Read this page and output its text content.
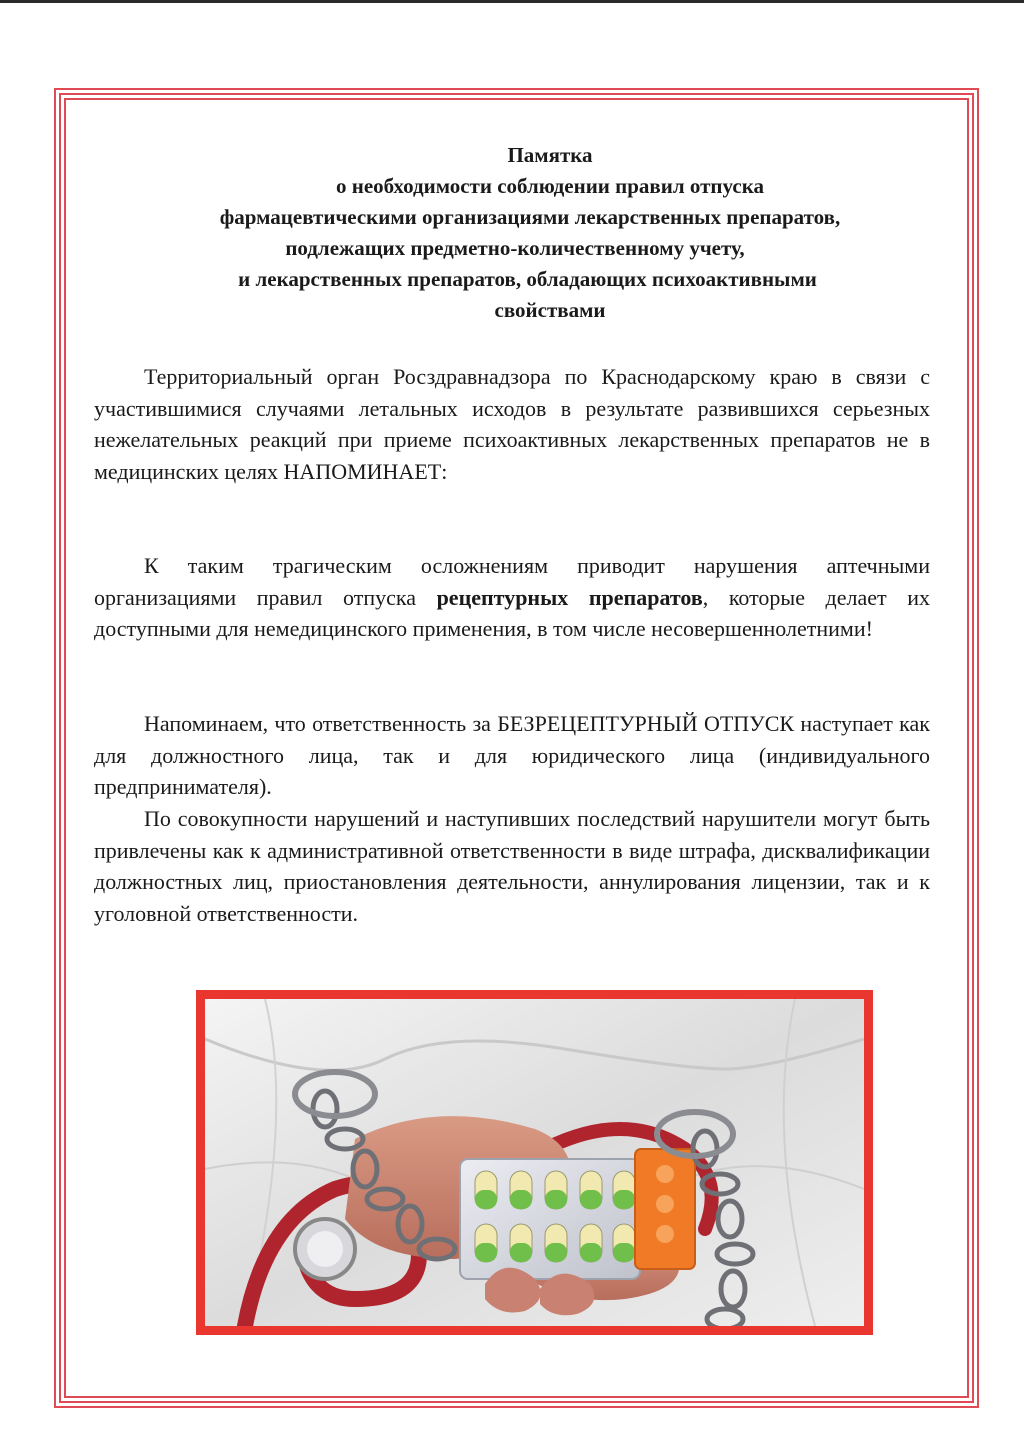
Памятка
о необходимости соблюдении правил отпуска
фармацевтическими организациями лекарственных препаратов,
подлежащих предметно-количественному учету,
и лекарственных препаратов, обладающих психоактивными
свойствами
Территориальный орган Росздравнадзора по Краснодарскому краю в связи с участившимися случаями летальных исходов в результате развившихся серьезных нежелательных реакций при приеме психоактивных лекарственных препаратов не в медицинских целях НАПОМИНАЕТ:
К таким трагическим осложнениям приводит нарушения аптечными организациями правил отпуска рецептурных препаратов, которые делает их доступными для немедицинского применения, в том числе несовершеннолетними!
Напоминаем, что ответственность за БЕЗРЕЦЕПТУРНЫЙ ОТПУСК наступает как для должностного лица, так и для юридического лица (индивидуального предпринимателя).
По совокупности нарушений и наступивших последствий нарушители могут быть привлечены как к административной ответственности в виде штрафа, дисквалификации должностных лиц, приостановления деятельности, аннулирования лицензии, так и к уголовной ответственности.
